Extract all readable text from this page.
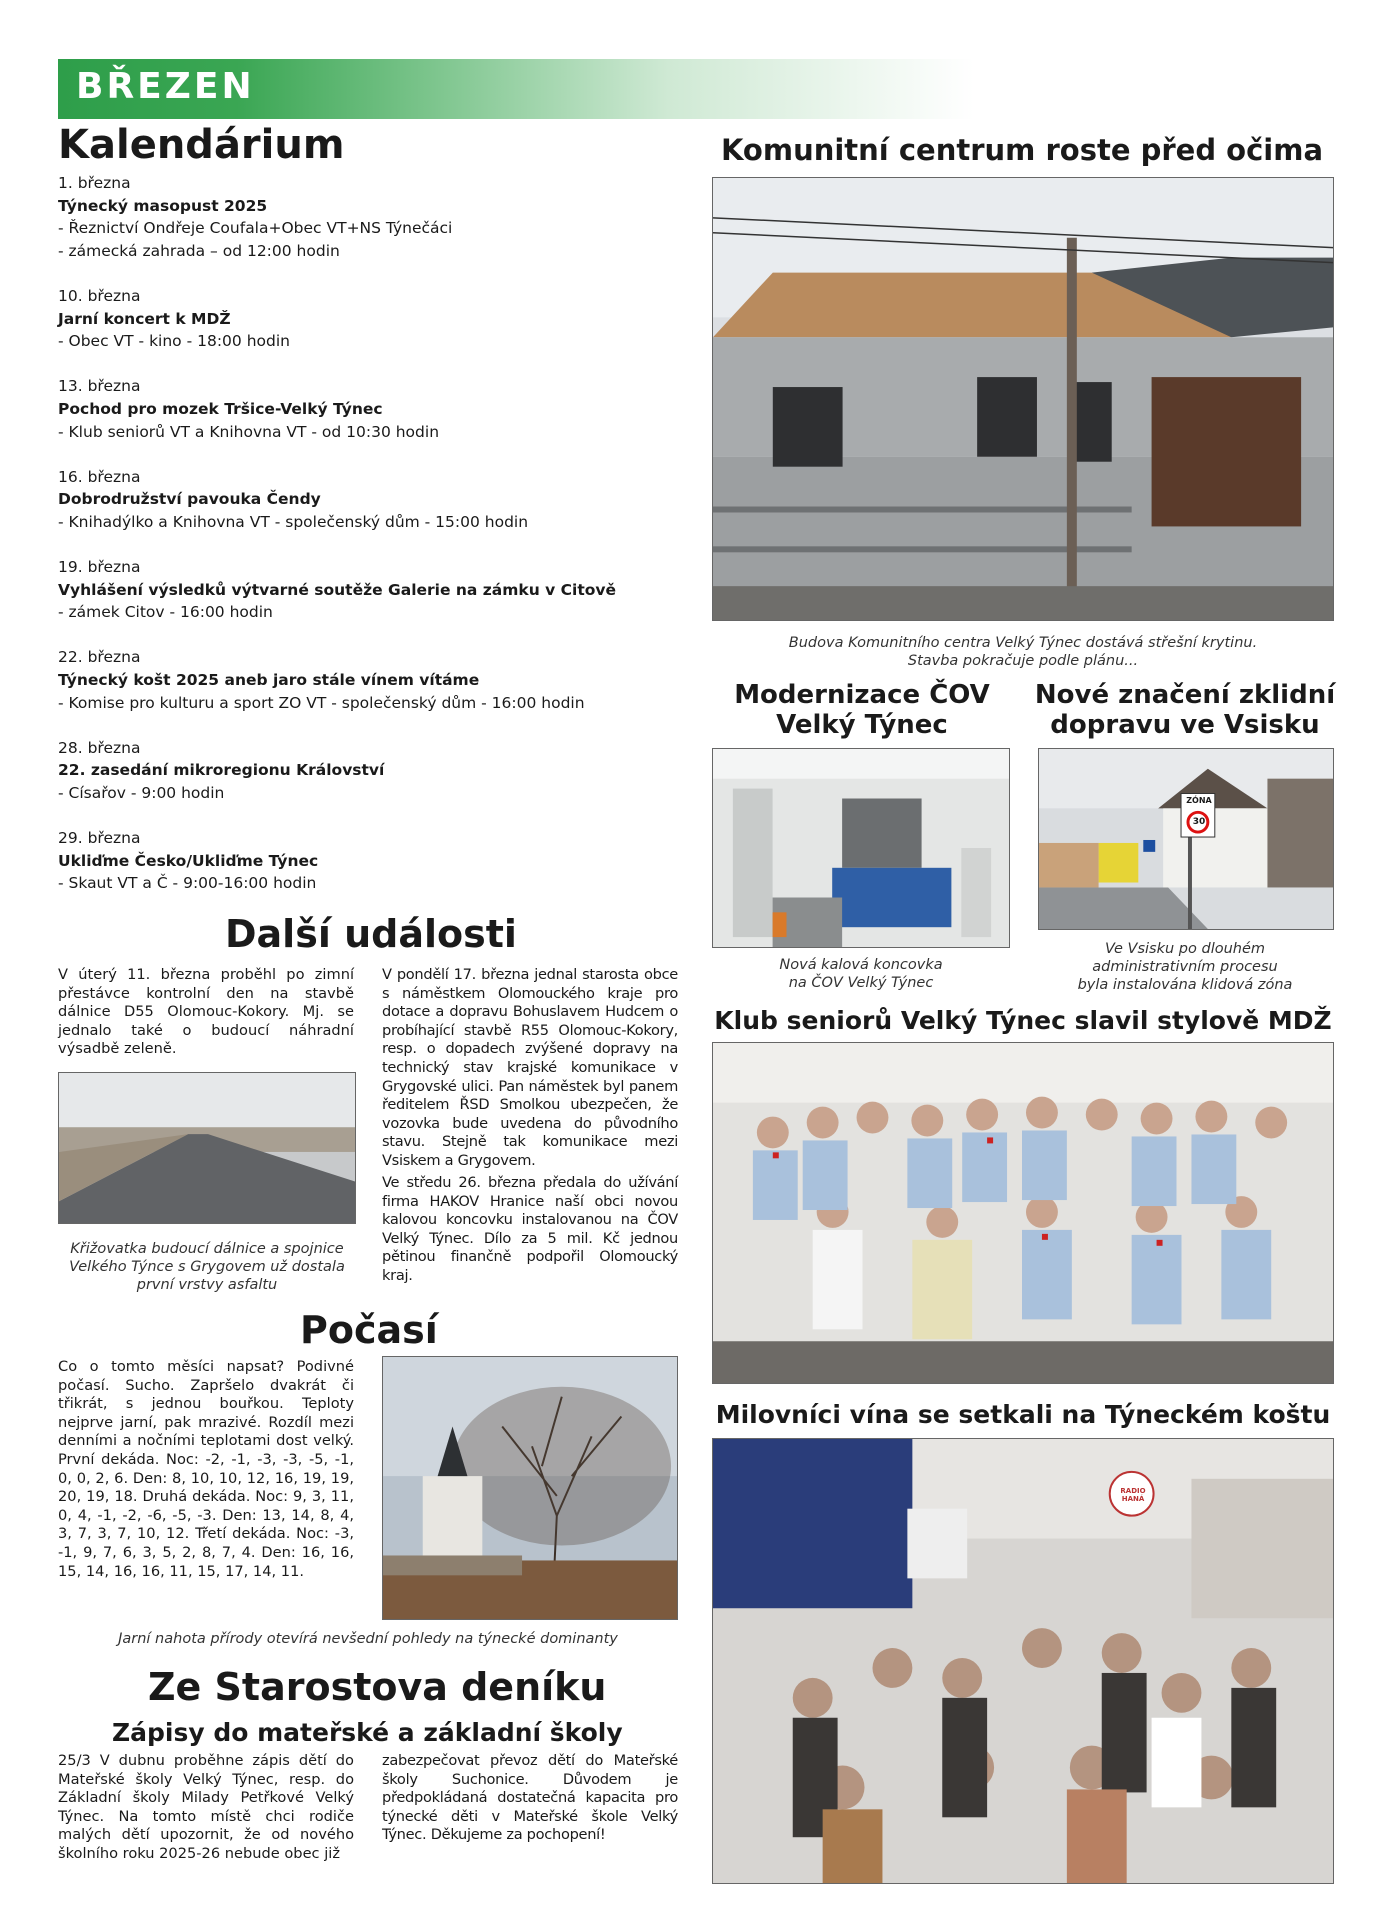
BŘEZEN
Kalendárium
1. března
Týnecký masopust 2025
- Řeznictví Ondřeje Coufala+Obec VT+NS Týnečáci
- zámecká zahrada – od 12:00 hodin
10. března
Jarní koncert k MDŽ
- Obec VT - kino - 18:00 hodin
13. března
Pochod pro mozek Tršice-Velký Týnec
- Klub seniorů VT a Knihovna VT - od 10:30 hodin
16. března
Dobrodružství pavouka Čendy
- Knihadýlko a Knihovna VT - společenský dům - 15:00 hodin
19. března
Vyhlášení výsledků výtvarné soutěže Galerie na zámku v Citově
- zámek Citov - 16:00 hodin
22. března
Týnecký košt 2025 aneb jaro stále vínem vítáme
- Komise pro kulturu a sport ZO VT - společenský dům - 16:00 hodin
28. března
22. zasedání mikroregionu Království
- Císařov - 9:00 hodin
29. března
Ukliďme Česko/Ukliďme Týnec
- Skaut VT a Č - 9:00-16:00 hodin
Komunitní centrum roste před očima
Budova Komunitního centra Velký Týnec dostává střešní krytinu.
Stavba pokračuje podle plánu...
Modernizace ČOV
Velký Týnec
Nová kalová koncovka
na ČOV Velký Týnec
Nové značení zklidní
dopravu ve Vsisku
ZÓNA
30
Ve Vsisku po dlouhém
administrativním procesu
byla instalována klidová zóna
Klub seniorů Velký Týnec slavil stylově MDŽ
Milovníci vína se setkali na Týneckém koštu
RADIO HANÁ
Další události
V úterý 11. března proběhl po zimní přestávce kontrolní den na stavbě dálnice D55 Olomouc-Kokory. Mj. se jednalo také o budoucí náhradní výsadbě zeleně.
Křižovatka budoucí dálnice a spojnice
Velkého Týnce s Grygovem už dostala
první vrstvy asfaltu
V pondělí 17. března jednal starosta obce s náměstkem Olomouckého kraje pro dotace a dopravu Bohuslavem Hudcem o probíhající stavbě R55 Olomouc-Kokory, resp. o dopadech zvýšené dopravy na technický stav krajské komunikace v Grygovské ulici. Pan náměstek byl panem ředitelem ŘSD Smolkou ubezpečen, že vozovka bude uvedena do původního stavu. Stejně tak komunikace mezi Vsiskem a Grygovem.
Ve středu 26. března předala do užívání firma HAKOV Hranice naší obci novou kalovou koncovku instalovanou na ČOV Velký Týnec. Dílo za 5 mil. Kč jednou pětinou finančně podpořil Olomoucký kraj.
Počasí
Co o tomto měsíci napsat? Podivné počasí. Sucho. Zapršelo dvakrát či třikrát, s jednou bouřkou. Teploty nejprve jarní, pak mrazivé. Rozdíl mezi denními a nočními teplotami dost velký. První dekáda. Noc: -2, -1, -3, -3, -5, -1, 0, 0, 2, 6. Den: 8, 10, 10, 12, 16, 19, 19, 20, 19, 18. Druhá dekáda. Noc: 9, 3, 11, 0, 4, -1, -2, -6, -5, -3. Den: 13, 14, 8, 4, 3, 7, 3, 7, 10, 12. Třetí dekáda. Noc: -3, -1, 9, 7, 6, 3, 5, 2, 8, 7, 4. Den: 16, 16, 15, 14, 16, 16, 11, 15, 17, 14, 11.
Jarní nahota přírody otevírá nevšední pohledy na týnecké dominanty
Ze Starostova deníku
Zápisy do mateřské a základní školy
25/3 V dubnu proběhne zápis dětí do Mateřské školy Velký Týnec, resp. do Základní školy Milady Petřkové Velký Týnec. Na tomto místě chci rodiče malých dětí upozornit, že od nového školního roku 2025-26 nebude obec již
zabezpečovat převoz dětí do Mateřské školy Suchonice. Důvodem je předpokládaná dostatečná kapacita pro týnecké děti v Mateřské škole Velký Týnec. Děkujeme za pochopení!
